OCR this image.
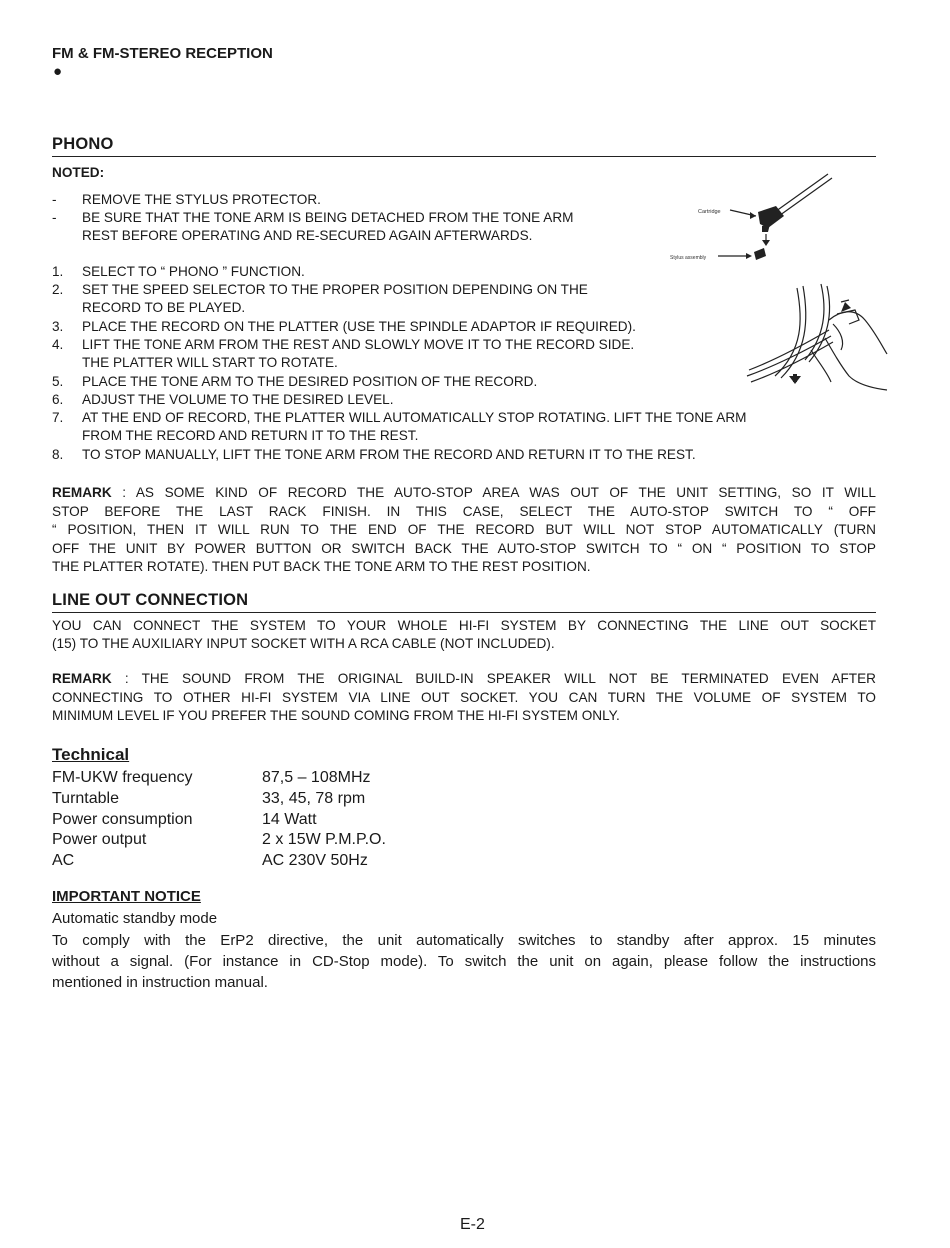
FM & FM-STEREO RECEPTION
●
PHONO
NOTED:
- REMOVE THE STYLUS PROTECTOR.
- BE SURE THAT THE TONE ARM IS BEING DETACHED FROM THE TONE ARM
REST BEFORE OPERATING AND RE-SECURED AGAIN AFTERWARDS.
Cartridge
Stylus assembly
1. SELECT TO “ PHONO ” FUNCTION.
2. SET THE SPEED SELECTOR TO THE PROPER POSITION DEPENDING ON THE
RECORD TO BE PLAYED.
3. PLACE THE RECORD ON THE PLATTER (USE THE SPINDLE ADAPTOR IF REQUIRED).
4. LIFT THE TONE ARM FROM THE REST AND SLOWLY MOVE IT TO THE RECORD SIDE.
THE PLATTER WILL START TO ROTATE.
5. PLACE THE TONE ARM TO THE DESIRED POSITION OF THE RECORD.
6. ADJUST THE VOLUME TO THE DESIRED LEVEL.
7. AT THE END OF RECORD, THE PLATTER WILL AUTOMATICALLY STOP ROTATING. LIFT THE TONE ARM
FROM THE RECORD AND RETURN IT TO THE REST.
8. TO STOP MANUALLY, LIFT THE TONE ARM FROM THE RECORD AND RETURN IT TO THE REST.
REMARK : AS SOME KIND OF RECORD THE AUTO-STOP AREA WAS OUT OF THE UNIT SETTING, SO IT WILL
STOP BEFORE THE LAST RACK FINISH. IN THIS CASE, SELECT THE AUTO-STOP SWITCH TO “ OFF
“ POSITION, THEN IT WILL RUN TO THE END OF THE RECORD BUT WILL NOT STOP AUTOMATICALLY (TURN
OFF THE UNIT BY POWER BUTTON OR SWITCH BACK THE AUTO-STOP SWITCH TO “ ON “ POSITION TO STOP
THE PLATTER ROTATE). THEN PUT BACK THE TONE ARM TO THE REST POSITION.
LINE OUT CONNECTION
YOU CAN CONNECT THE SYSTEM TO YOUR WHOLE HI-FI SYSTEM BY CONNECTING THE LINE OUT SOCKET
(15) TO THE AUXILIARY INPUT SOCKET WITH A RCA CABLE (NOT INCLUDED).
REMARK : THE SOUND FROM THE ORIGINAL BUILD-IN SPEAKER WILL NOT BE TERMINATED EVEN AFTER
CONNECTING TO OTHER HI-FI SYSTEM VIA LINE OUT SOCKET. YOU CAN TURN THE VOLUME OF SYSTEM TO
MINIMUM LEVEL IF YOU PREFER THE SOUND COMING FROM THE HI-FI SYSTEM ONLY.
Technical
FM-UKW frequency	87,5 – 108MHz
Turntable	33, 45, 78 rpm
Power consumption	14 Watt
Power output	2 x 15W P.M.P.O.
AC	AC 230V 50Hz
IMPORTANT NOTICE
Automatic standby mode
To comply with the ErP2 directive, the unit automatically switches to standby after approx. 15 minutes
without a signal. (For instance in CD-Stop mode). To switch the unit on again, please follow the instructions
mentioned in instruction manual.
E-2
